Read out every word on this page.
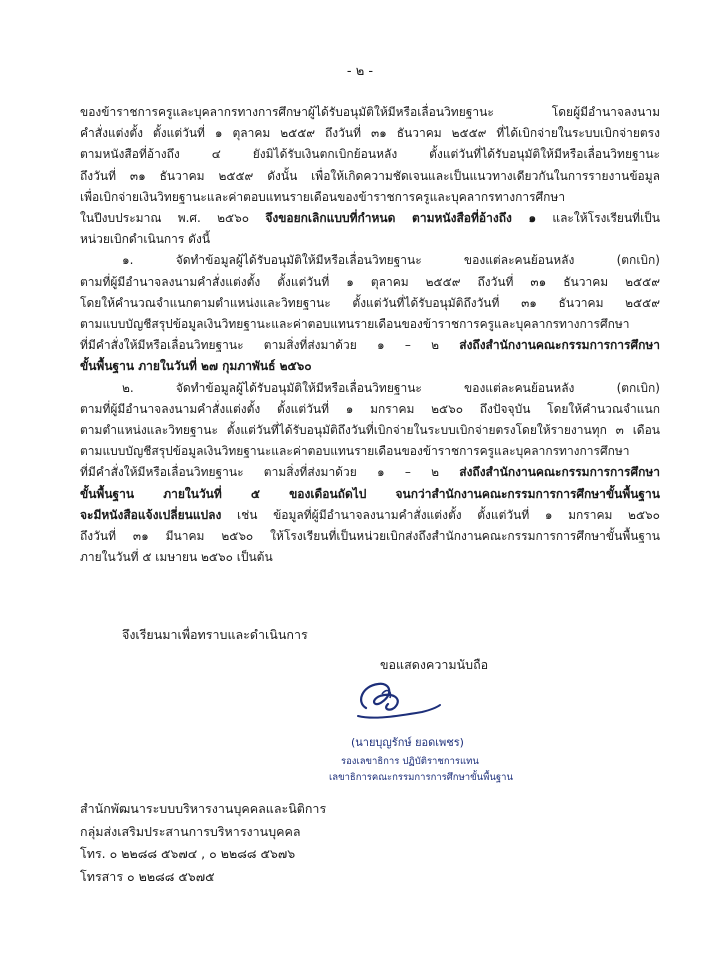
- ๒ -

ของข้าราชการครูและบุคลากรทางการศึกษาผู้ได้รับอนุมัติให้มีหรือเลื่อนวิทยฐานะ โดยผู้มีอำนาจลงนาม
คำสั่งแต่งตั้ง ตั้งแต่วันที่ ๑ ตุลาคม ๒๕๕๙ ถึงวันที่ ๓๑ ธันวาคม ๒๕๕๙ ที่ได้เบิกจ่ายในระบบเบิกจ่ายตรง
ตามหนังสือที่อ้างถึง ๔ ยังมิได้รับเงินตกเบิกย้อนหลัง ตั้งแต่วันที่ได้รับอนุมัติให้มีหรือเลื่อนวิทยฐานะ
ถึงวันที่ ๓๑ ธันวาคม ๒๕๕๙ ดังนั้น เพื่อให้เกิดความชัดเจนและเป็นแนวทางเดียวกันในการรายงานข้อมูล
เพื่อเบิกจ่ายเงินวิทยฐานะและค่าตอบแทนรายเดือนของข้าราชการครูและบุคลากรทางการศึกษา
ในปีงบประมาณ พ.ศ. ๒๕๖๐ จึงขอยกเลิกแบบที่กำหนด ตามหนังสือที่อ้างถึง ๑ และให้โรงเรียนที่เป็น
หน่วยเบิกดำเนินการ ดังนี้

๑. จัดทำข้อมูลผู้ได้รับอนุมัติให้มีหรือเลื่อนวิทยฐานะ ของแต่ละคนย้อนหลัง (ตกเบิก)
ตามที่ผู้มีอำนาจลงนามคำสั่งแต่งตั้ง ตั้งแต่วันที่ ๑ ตุลาคม ๒๕๕๙ ถึงวันที่ ๓๑ ธันวาคม ๒๕๕๙
โดยให้คำนวณจำแนกตามตำแหน่งและวิทยฐานะ ตั้งแต่วันที่ได้รับอนุมัติถึงวันที่ ๓๑ ธันวาคม ๒๕๕๙
ตามแบบบัญชีสรุปข้อมูลเงินวิทยฐานะและค่าตอบแทนรายเดือนของข้าราชการครูและบุคลากรทางการศึกษา
ที่มีคำสั่งให้มีหรือเลื่อนวิทยฐานะ ตามสิ่งที่ส่งมาด้วย ๑ – ๒ ส่งถึงสำนักงานคณะกรรมการการศึกษา
ขั้นพื้นฐาน ภายในวันที่ ๒๗ กุมภาพันธ์ ๒๕๖๐

๒. จัดทำข้อมูลผู้ได้รับอนุมัติให้มีหรือเลื่อนวิทยฐานะ ของแต่ละคนย้อนหลัง (ตกเบิก)
ตามที่ผู้มีอำนาจลงนามคำสั่งแต่งตั้ง ตั้งแต่วันที่ ๑ มกราคม ๒๕๖๐ ถึงปัจจุบัน โดยให้คำนวณจำแนก
ตามตำแหน่งและวิทยฐานะ ตั้งแต่วันที่ได้รับอนุมัติถึงวันที่เบิกจ่ายในระบบเบิกจ่ายตรงโดยให้รายงานทุก ๓ เดือน
ตามแบบบัญชีสรุปข้อมูลเงินวิทยฐานะและค่าตอบแทนรายเดือนของข้าราชการครูและบุคลากรทางการศึกษา
ที่มีคำสั่งให้มีหรือเลื่อนวิทยฐานะ ตามสิ่งที่ส่งมาด้วย ๑ – ๒ ส่งถึงสำนักงานคณะกรรมการการศึกษา
ขั้นพื้นฐาน ภายในวันที่ ๕ ของเดือนถัดไป จนกว่าสำนักงานคณะกรรมการการศึกษาขั้นพื้นฐาน
จะมีหนังสือแจ้งเปลี่ยนแปลง เช่น ข้อมูลที่ผู้มีอำนาจลงนามคำสั่งแต่งตั้ง ตั้งแต่วันที่ ๑ มกราคม ๒๕๖๐
ถึงวันที่ ๓๑ มีนาคม ๒๕๖๐ ให้โรงเรียนที่เป็นหน่วยเบิกส่งถึงสำนักงานคณะกรรมการการศึกษาขั้นพื้นฐาน
ภายในวันที่ ๕ เมษายน ๒๕๖๐ เป็นต้น

จึงเรียนมาเพื่อทราบและดำเนินการ
ขอแสดงความนับถือ
(นายบุญรักษ์ ยอดเพชร)
รองเลขาธิการ ปฏิบัติราชการแทน
เลขาธิการคณะกรรมการการศึกษาขั้นพื้นฐาน
สำนักพัฒนาระบบบริหารงานบุคคลและนิติการ
กลุ่มส่งเสริมประสานการบริหารงานบุคคล
โทร. ๐ ๒๒๘๘ ๕๖๗๔ , ๐ ๒๒๘๘ ๕๖๗๖
โทรสาร ๐ ๒๒๘๘ ๕๖๗๕
